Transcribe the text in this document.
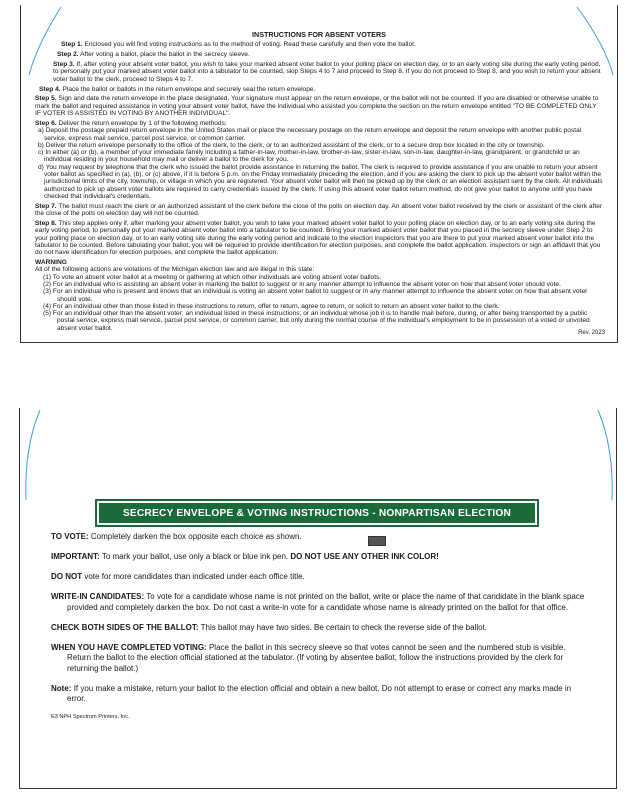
INSTRUCTIONS FOR ABSENT VOTERS
Step 1. Enclosed you will find voting instructions as to the method of voting. Read these carefully and then vote the ballot.
Step 2. After voting a ballot, place the ballot in the secrecy sleeve.
Step 3. If, after voting your absent voter ballot, you wish to take your marked absent voter ballot to your polling place on election day, or to an early voting site during the early voting period, to personally put your marked absent voter ballot into a tabulator to be counted, skip Steps 4 to 7 and proceed to Step 8. If you do not proceed to Step 8, and you wish to return your absent voter ballot to the clerk, proceed to Steps 4 to 7.
Step 4. Place the ballot or ballots in the return envelope and securely seal the return envelope.
Step 5. Sign and date the return envelope in the place designated. Your signature must appear on the return envelope, or the ballot will not be counted. If you are disabled or otherwise unable to mark the ballot and required assistance in voting your absent voter ballot, have the individual who assisted you complete the section on the return envelope entitled "TO BE COMPLETED ONLY IF VOTER IS ASSISTED IN VOTING BY ANOTHER INDIVIDUAL".
Step 6. Deliver the return envelope by 1 of the following methods:
a) Deposit the postage prepaid return envelope in the United States mail or place the necessary postage on the return envelope and deposit the return envelope with another public postal service, express mail service, parcel post service, or common carrier.
b) Deliver the return envelope personally to the office of the clerk, to the clerk, or to an authorized assistant of the clerk, or to a secure drop box located in the city or township.
c) In either (a) or (b), a member of your immediate family including a father-in-law, mother-in-law, brother-in-law, sister-in-law, son-in-law, daughter-in-law, grandparent, or grandchild or an individual residing in your household may mail or deliver a ballot to the clerk for you.
d) You may request by telephone that the clerk who issued the ballot provide assistance in returning the ballot. The clerk is required to provide assistance if you are unable to return your absent voter ballot as specified in (a), (b), or (c) above, if it is before 5 p.m. on the Friday immediately preceding the election, and if you are asking the clerk to pick up the absent voter ballot within the jurisdictional limits of the city, township, or village in which you are registered. Your absent voter ballot will then be picked up by the clerk or an election assistant sent by the clerk. All individuals authorized to pick up absent voter ballots are required to carry credentials issued by the clerk. If using this absent voter ballot return method, do not give your ballot to anyone until you have checked that individual's credentials.
Step 7. The ballot must reach the clerk or an authorized assistant of the clerk before the close of the polls on election day. An absent voter ballot received by the clerk or assistant of the clerk after the close of the polls on election day will not be counted.
Step 8. This step applies only if, after marking your absent voter ballot, you wish to take your marked absent voter ballot to your polling place on election day, or to an early voting site during the early voting period, to personally put your marked absent voter ballot into a tabulator to be counted. Bring your marked absent voter ballot that you placed in the secrecy sleeve under Step 2 to your polling place on election day, or to an early voting site during the early voting period and indicate to the election inspectors that you are there to put your marked absent voter ballot into the tabulator to be counted. Before tabulating your ballot, you will be required to provide identification for election purposes, and complete the ballot application. inspectors or sign an affidavit that you do not have identification for election purposes, and complete the ballot application.
WARNING
All of the following actions are violations of the Michigan election law and are illegal in this state:
(1) To vote an absent voter ballot at a meeting or gathering at which other individuals are voting absent voter ballots.
(2) For an individual who is assisting an absent voter in marking the ballot to suggest or in any manner attempt to influence the absent voter on how that absent voter should vote.
(3) For an individual who is present and knows that an individual is voting an absent voter ballot to suggest or in any manner attempt to influence the absent voter on how that absent voter should vote.
(4) For an individual other than those listed in these instructions to return, offer to return, agree to return, or solicit to return an absent voter ballot to the clerk.
(5) For an individual other than the absent voter; an individual listed in these instructions; or an individual whose job it is to handle mail before, during, or after being transported by a public postal service, express mail service, parcel post service, or common carrier, but only during the normal course of the individual's employment to be in possession of a voted or unvoted absent voter ballot.
Rev. 2023
SECRECY ENVELOPE & VOTING INSTRUCTIONS - NONPARTISAN ELECTION
TO VOTE: Completely darken the box opposite each choice as shown.
IMPORTANT: To mark your ballot, use only a black or blue ink pen. DO NOT USE ANY OTHER INK COLOR!
DO NOT vote for more candidates than indicated under each office title.
WRITE-IN CANDIDATES: To vote for a candidate whose name is not printed on the ballot, write or place the name of that candidate in the blank space provided and completely darken the box. Do not cast a write-in vote for a candidate whose name is already printed on the ballot for that office.
CHECK BOTH SIDES OF THE BALLOT: This ballot may have two sides. Be certain to check the reverse side of the ballot.
WHEN YOU HAVE COMPLETED VOTING: Place the ballot in this secrecy sleeve so that votes cannot be seen and the numbered stub is visible. Return the ballot to the election official stationed at the tabulator. (If voting by absentee ballot, follow the instructions provided by the clerk for returning the ballot.)
Note: If you make a mistake, return your ballot to the election official and obtain a new ballot. Do not attempt to erase or correct any marks made in error.
E3 NPH Spectrum Printers, Inc.
